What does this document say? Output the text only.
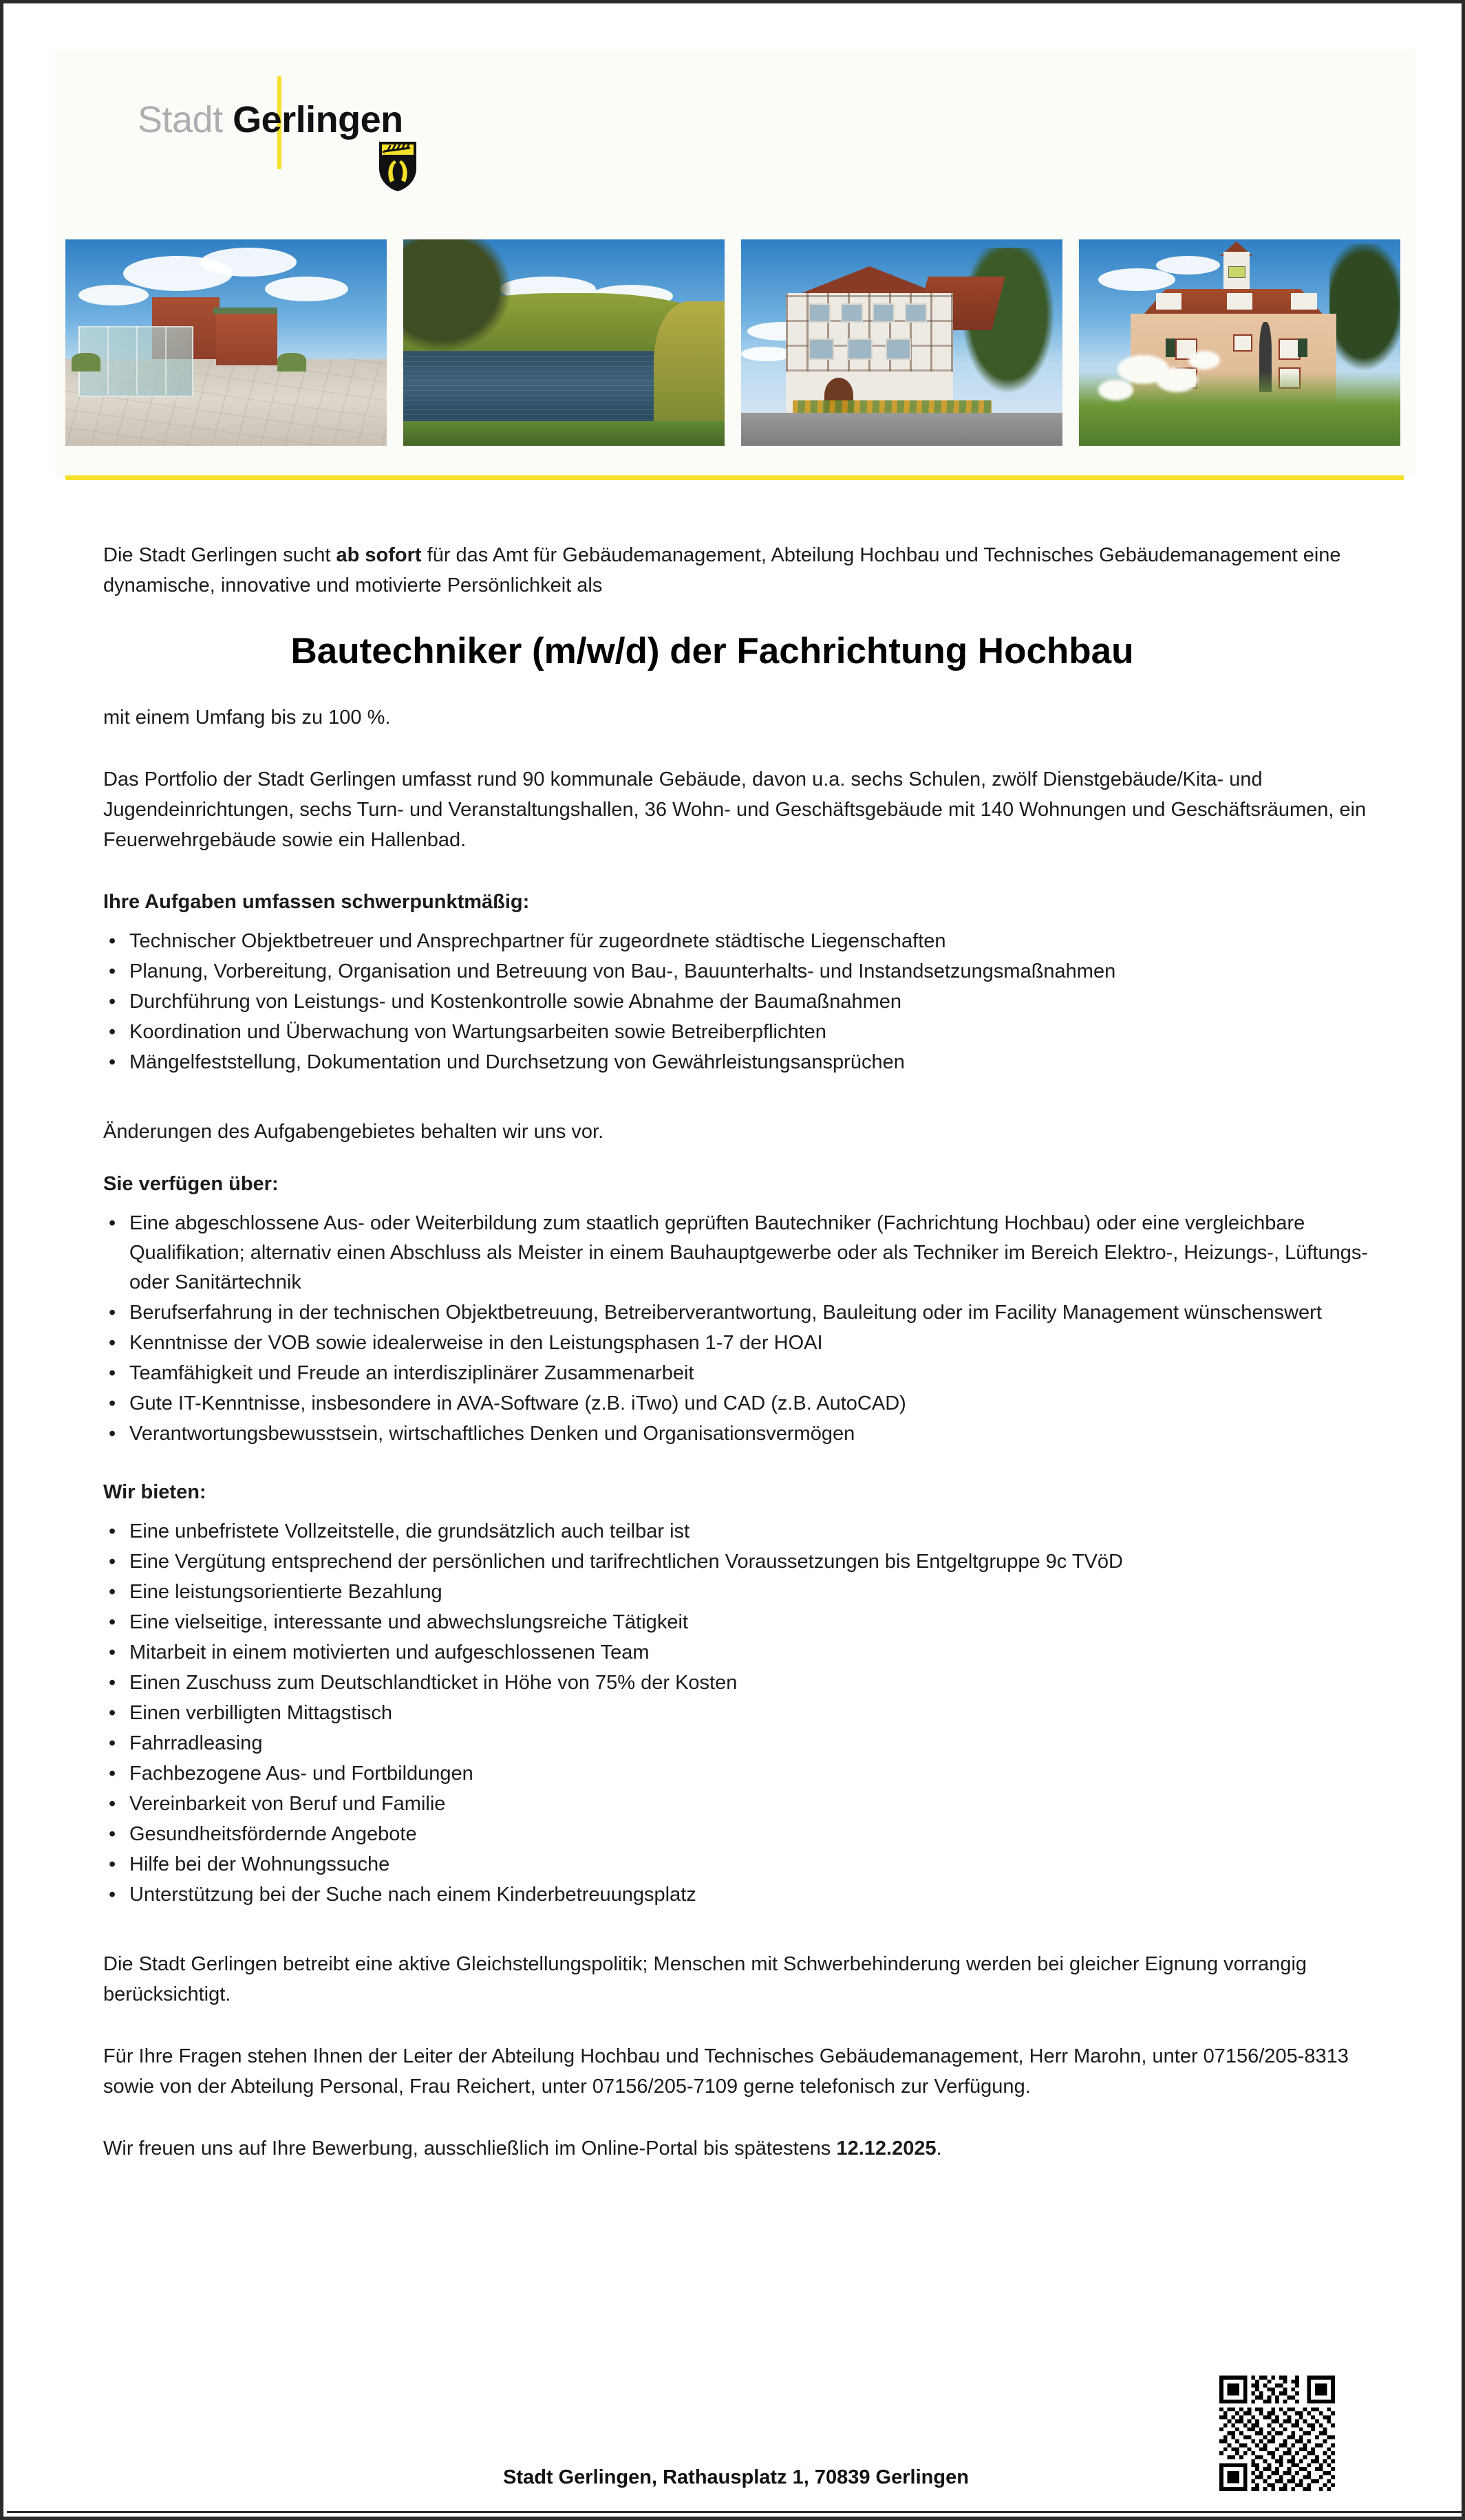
Stadt Gerlingen

Die Stadt Gerlingen sucht ab sofort für das Amt für Gebäudemanagement, Abteilung Hochbau und Technisches Gebäudemanagement eine dynamische, innovative und motivierte Persönlichkeit als

Bautechniker (m/w/d) der Fachrichtung Hochbau

mit einem Umfang bis zu 100 %.

Das Portfolio der Stadt Gerlingen umfasst rund 90 kommunale Gebäude, davon u.a. sechs Schulen, zwölf Dienstgebäude/Kita- und Jugendeinrichtungen, sechs Turn- und Veranstaltungshallen, 36 Wohn- und Geschäftsgebäude mit 140 Wohnungen und Geschäftsräumen, ein Feuerwehrgebäude sowie ein Hallenbad.

Ihre Aufgaben umfassen schwerpunktmäßig:
• Technischer Objektbetreuer und Ansprechpartner für zugeordnete städtische Liegenschaften
• Planung, Vorbereitung, Organisation und Betreuung von Bau-, Bauunterhalts- und Instandsetzungsmaßnahmen
• Durchführung von Leistungs- und Kostenkontrolle sowie Abnahme der Baumaßnahmen
• Koordination und Überwachung von Wartungsarbeiten sowie Betreiberpflichten
• Mängelfeststellung, Dokumentation und Durchsetzung von Gewährleistungsansprüchen

Änderungen des Aufgabengebietes behalten wir uns vor.

Sie verfügen über:
• Eine abgeschlossene Aus- oder Weiterbildung zum staatlich geprüften Bautechniker (Fachrichtung Hochbau) oder eine vergleichbare Qualifikation; alternativ einen Abschluss als Meister in einem Bauhauptgewerbe oder als Techniker im Bereich Elektro-, Heizungs-, Lüftungs- oder Sanitärtechnik
• Berufserfahrung in der technischen Objektbetreuung, Betreiberverantwortung, Bauleitung oder im Facility Management wünschenswert
• Kenntnisse der VOB sowie idealerweise in den Leistungsphasen 1-7 der HOAI
• Teamfähigkeit und Freude an interdisziplinärer Zusammenarbeit
• Gute IT-Kenntnisse, insbesondere in AVA-Software (z.B. iTwo) und CAD (z.B. AutoCAD)
• Verantwortungsbewusstsein, wirtschaftliches Denken und Organisationsvermögen
Wir bieten:
• Eine unbefristete Vollzeitstelle, die grundsätzlich auch teilbar ist
• Eine Vergütung entsprechend der persönlichen und tarifrechtlichen Voraussetzungen bis Entgeltgruppe 9c TVöD
• Eine leistungsorientierte Bezahlung
• Eine vielseitige, interessante und abwechslungsreiche Tätigkeit
• Mitarbeit in einem motivierten und aufgeschlossenen Team
• Einen Zuschuss zum Deutschlandticket in Höhe von 75% der Kosten
• Einen verbilligten Mittagstisch
• Fahrradleasing
• Fachbezogene Aus- und Fortbildungen
• Vereinbarkeit von Beruf und Familie
• Gesundheitsfördernde Angebote
• Hilfe bei der Wohnungssuche
• Unterstützung bei der Suche nach einem Kinderbetreuungsplatz

Die Stadt Gerlingen betreibt eine aktive Gleichstellungspolitik; Menschen mit Schwerbehinderung werden bei gleicher Eignung vorrangig berücksichtigt.

Für Ihre Fragen stehen Ihnen der Leiter der Abteilung Hochbau und Technisches Gebäudemanagement, Herr Marohn, unter 07156/205-8313 sowie von der Abteilung Personal, Frau Reichert, unter 07156/205-7109 gerne telefonisch zur Verfügung.

Wir freuen uns auf Ihre Bewerbung, ausschließlich im Online-Portal bis spätestens 12.12.2025.

Stadt Gerlingen, Rathausplatz 1, 70839 Gerlingen
